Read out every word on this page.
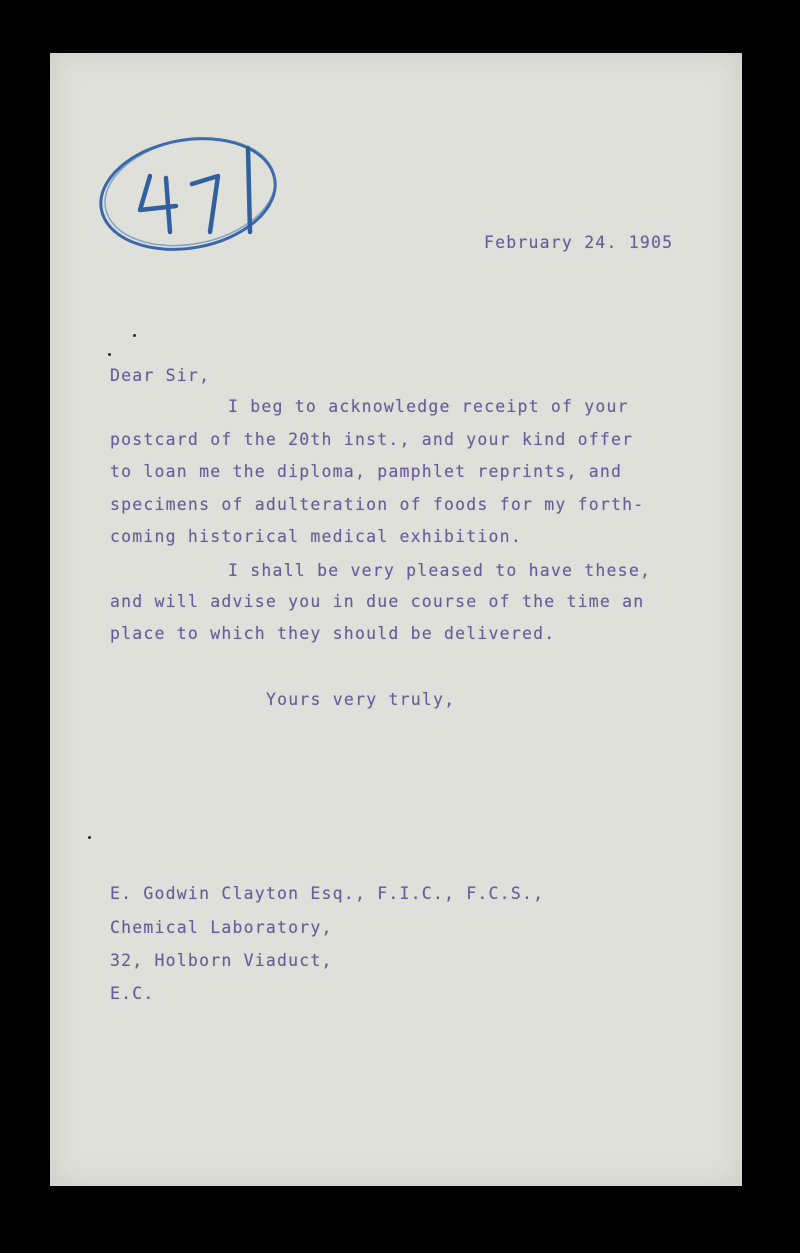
February 24. 1905
Dear Sir,
I beg to acknowledge receipt of your
postcard of the 20th inst., and your kind offer
to loan me the diploma, pamphlet reprints, and
specimens of adulteration of foods for my forth-
coming historical medical exhibition.
I shall be very pleased to have these,
and will advise you in due course of the time an
place to which they should be delivered.
Yours very truly,
E. Godwin Clayton Esq., F.I.C., F.C.S.,
Chemical Laboratory,
32, Holborn Viaduct,
E.C.
